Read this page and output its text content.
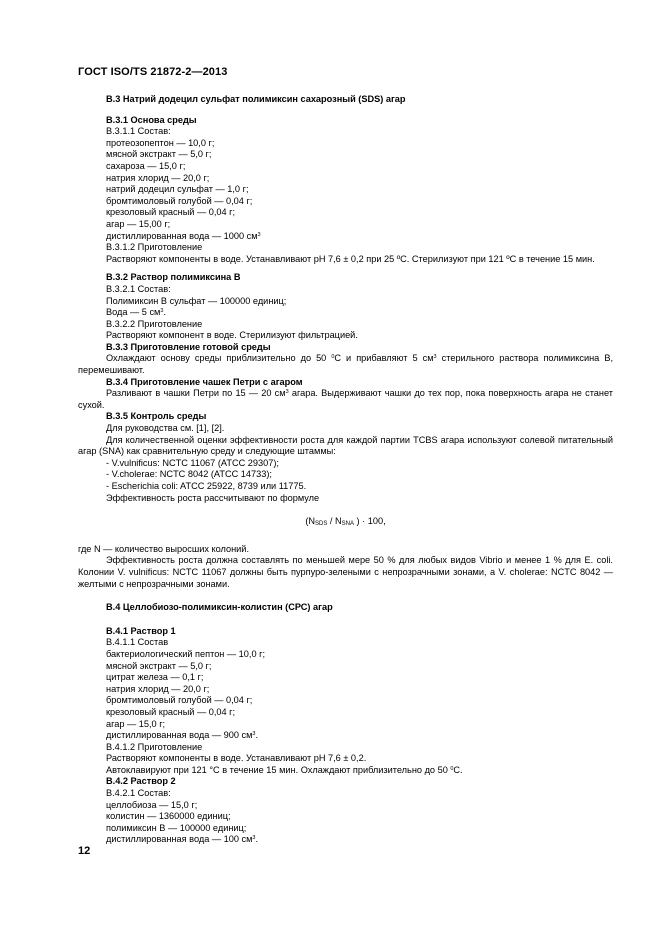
ГОСТ ISO/TS 21872-2—2013

В.3 Натрий додецил сульфат полимиксин сахарозный (SDS) агар

В.3.1 Основа среды

В.3.1.1 Состав:

протеозопептон — 10,0 г;

мясной экстракт — 5,0 г;

сахароза — 15,0 г;

натрия хлорид — 20,0 г;

натрий додецил сульфат — 1,0 г;

бромтимоловый голубой — 0,04 г;

крезоловый красный — 0,04 г;

агар — 15,00 г;

дистиллированная вода — 1000 $см^3$

В.3.1.2 Приготовление

Растворяют компоненты в воде. Устанавливают pH 7,6 ± 0,2 при 25 ºС. Стерилизуют при 121 ºС в течение 15 мин.

В.3.2 Раствор полимиксина В

В.3.2.1 Состав:

Полимиксин В сульфат — 100000 единиц;

Вода — 5 $см^3$.

В.3.2.2 Приготовление

Растворяют компонент в воде. Стерилизуют фильтрацией.

В.3.3 Приготовление готовой среды

Охлаждают основу среды приблизительно до 50 $^0$С и прибавляют 5 $см^3$ стерильного раствора полимиксина В, перемешивают.

В.3.4 Приготовление чашек Петри с агаром

Разливают в чашки Петри по 15 — 20 $см^3$ агара. Выдерживают чашки до тех пор, пока поверхность агара не станет сухой.

В.3.5 Контроль среды

Для руководства см. [1], [2].

Для количественной оценки эффективности роста для каждой партии TCBS агара используют солевой питательный агар (SNA) как сравнительную среду и следующие штаммы:

- V.vulnificus: NCTC 11067 (ATCC 29307);

- V.cholerae: NCTC 8042 (ATCC 14733);

- Escherichia coli: ATCC 25922, 8739 или 11775.

Эффективность роста рассчитывают по формуле

($N_{SDS} / N_{SNA}$ ) · 100,

где N — количество выросших колоний.

Эффективность роста должна составлять по меньшей мере 50 % для любых видов Vibrio и менее 1 % для E. coli. Колонии V. vulnificus: NCTC 11067 должны быть пурпуро-зелеными с непрозрачными зонами, а V. cholerae: NCTC 8042 — желтыми с непрозрачными зонами.

В.4 Целлобиозо-полимиксин-колистин (СРС) агар

В.4.1 Раствор 1

В.4.1.1 Состав

бактериологический пептон — 10,0 г;

мясной экстракт — 5,0 г;

цитрат железа — 0,1 г;

натрия хлорид — 20,0 г;

бромтимоловый голубой — 0,04 г;

крезоловый красный — 0,04 г;

агар — 15,0 г;

дистиллированная вода — 900 $см^3$.

В.4.1.2 Приготовление

Растворяют компоненты в воде. Устанавливают pH 7,6 ± 0,2.

Автоклавируют при 121 °С в течение 15 мин. Охлаждают приблизительно до 50 $^0$С.

В.4.2 Раствор 2

В.4.2.1 Состав:

целлобиоза — 15,0 г;

колистин — 1360000 единиц;

полимиксин В — 100000 единиц;

дистиллированная вода — 100 $см^3$.

12
